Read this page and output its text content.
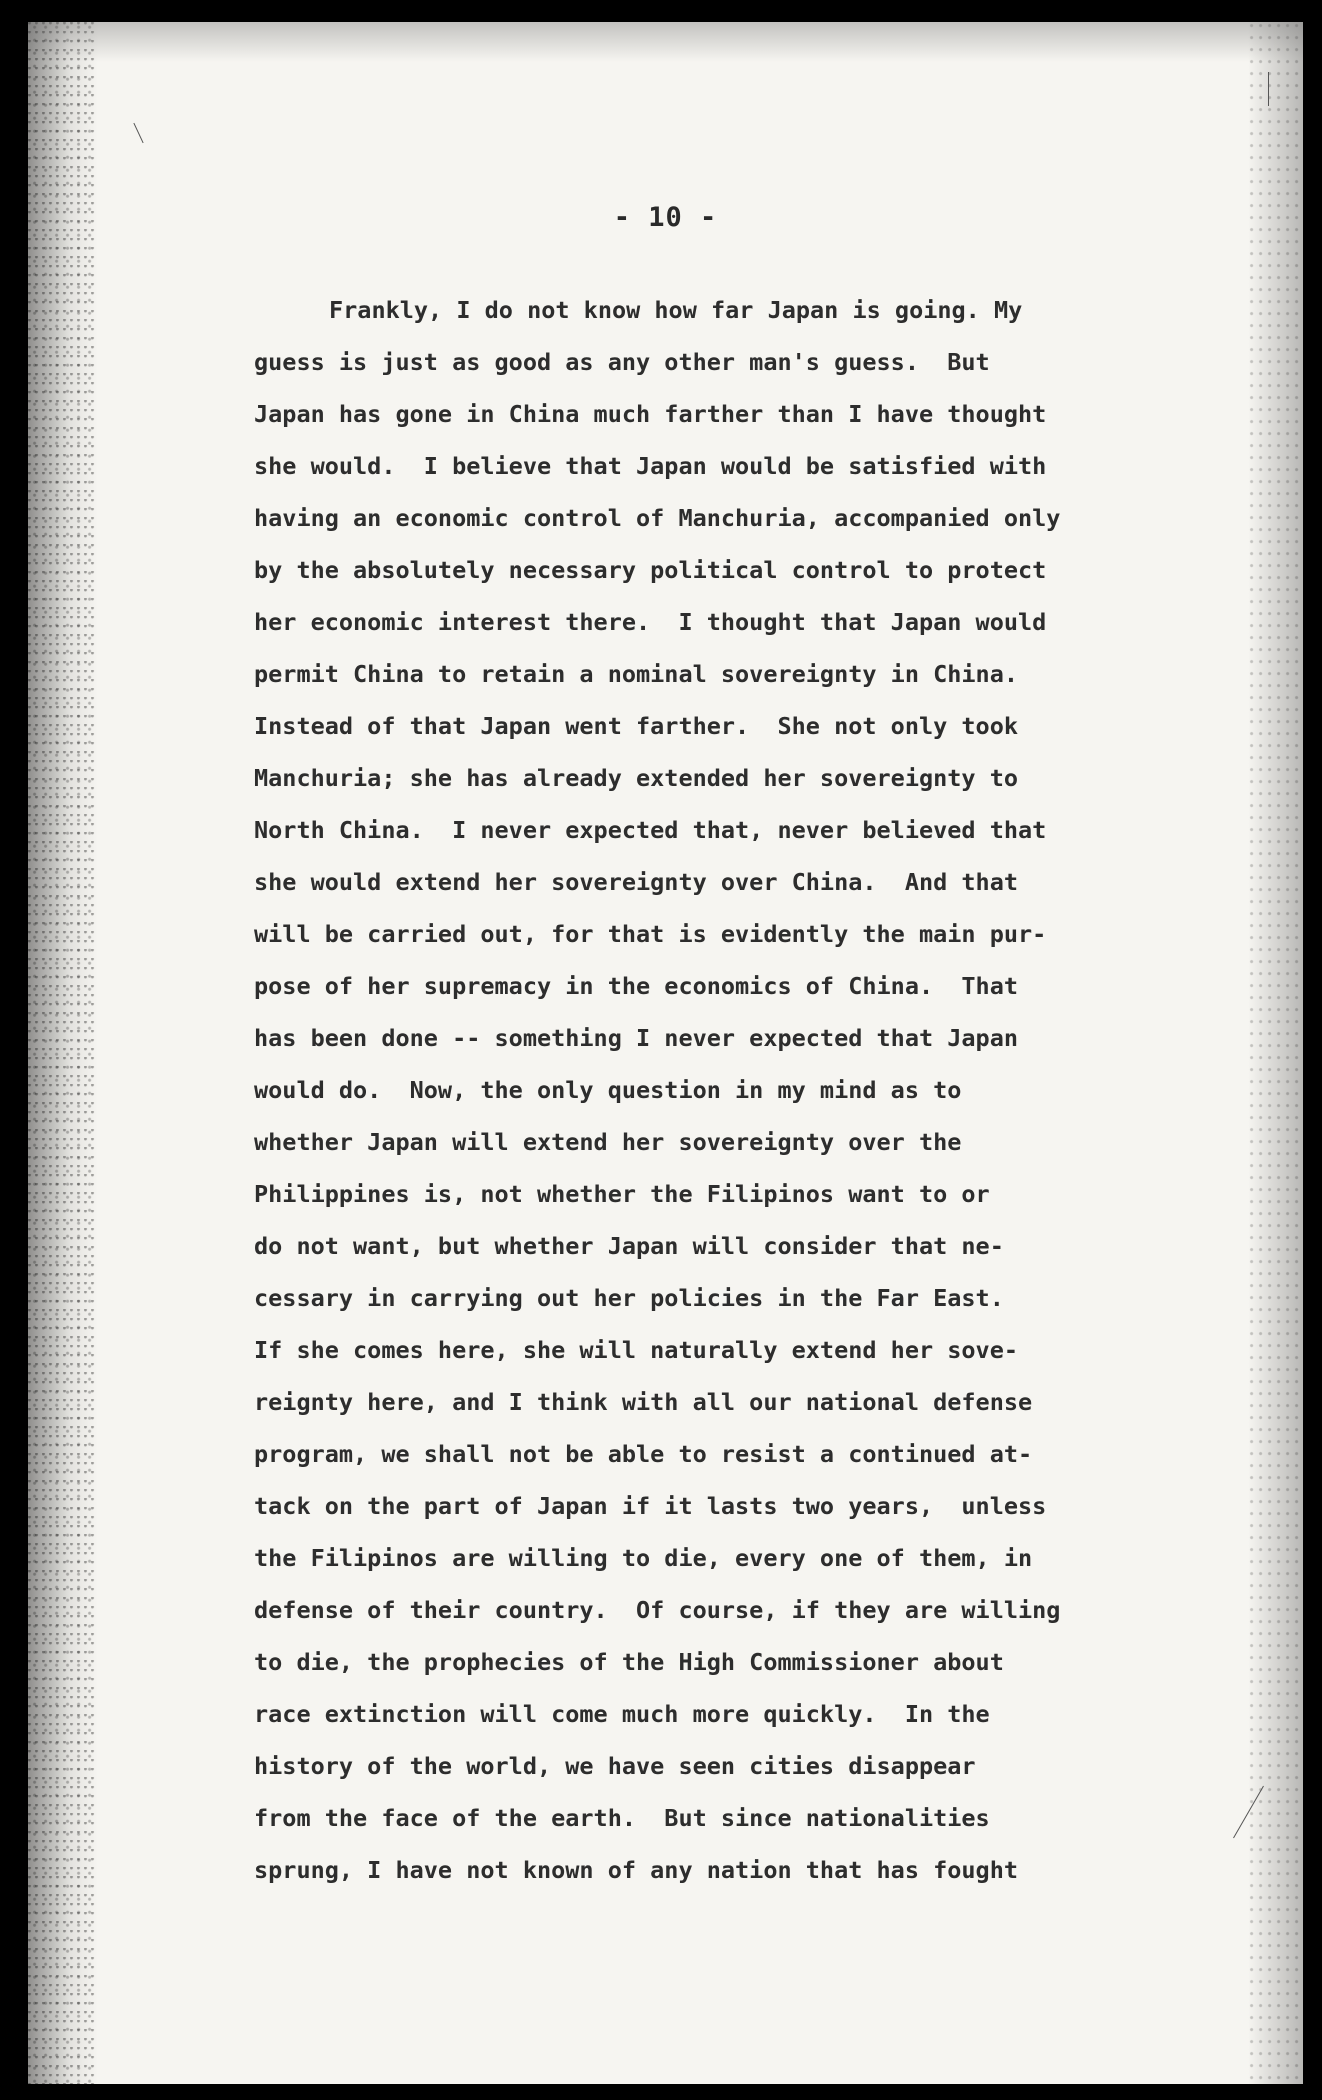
- 10 -
Frankly, I do not know how far Japan is going. My
guess is just as good as any other man's guess.  But
Japan has gone in China much farther than I have thought
she would.  I believe that Japan would be satisfied with
having an economic control of Manchuria, accompanied only
by the absolutely necessary political control to protect
her economic interest there.  I thought that Japan would
permit China to retain a nominal sovereignty in China.
Instead of that Japan went farther.  She not only took
Manchuria; she has already extended her sovereignty to
North China.  I never expected that, never believed that
she would extend her sovereignty over China.  And that
will be carried out, for that is evidently the main pur-
pose of her supremacy in the economics of China.  That
has been done -- something I never expected that Japan
would do.  Now, the only question in my mind as to
whether Japan will extend her sovereignty over the
Philippines is, not whether the Filipinos want to or
do not want, but whether Japan will consider that ne-
cessary in carrying out her policies in the Far East.
If she comes here, she will naturally extend her sove-
reignty here, and I think with all our national defense
program, we shall not be able to resist a continued at-
tack on the part of Japan if it lasts two years,  unless
the Filipinos are willing to die, every one of them, in
defense of their country.  Of course, if they are willing
to die, the prophecies of the High Commissioner about
race extinction will come much more quickly.  In the
history of the world, we have seen cities disappear
from the face of the earth.  But since nationalities
sprung, I have not known of any nation that has fought
